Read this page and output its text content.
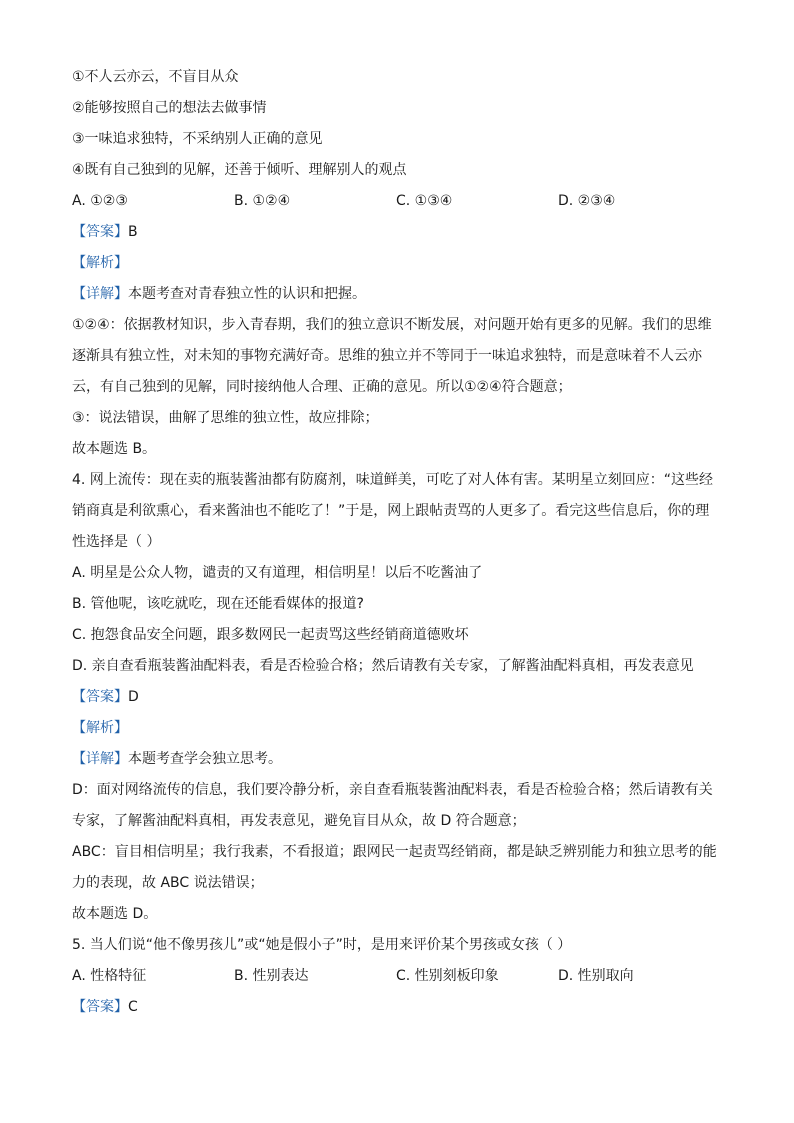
①不人云亦云，不盲目从众
②能够按照自己的想法去做事情
③一味追求独特，不采纳别人正确的意见
④既有自己独到的见解，还善于倾听、理解别人的观点
A. ①②③	B. ①②④	C. ①③④	D. ②③④
【答案】B
【解析】
【详解】本题考查对青春独立性的认识和把握。
①②④：依据教材知识，步入青春期，我们的独立意识不断发展，对问题开始有更多的见解。我们的思维
逐渐具有独立性，对未知的事物充满好奇。思维的独立并不等同于一味追求独特，而是意味着不人云亦
云，有自己独到的见解，同时接纳他人合理、正确的意见。所以①②④符合题意；
③：说法错误，曲解了思维的独立性，故应排除；
故本题选 B。
4. 网上流传：现在卖的瓶装酱油都有防腐剂，味道鲜美，可吃了对人体有害。某明星立刻回应：“这些经
销商真是利欲熏心，看来酱油也不能吃了！”于是，网上跟帖责骂的人更多了。看完这些信息后，你的理
性选择是（ ）
A. 明星是公众人物，谴责的又有道理，相信明星！以后不吃酱油了
B. 管他呢，该吃就吃，现在还能看媒体的报道?
C. 抱怨食品安全问题，跟多数网民一起责骂这些经销商道德败坏
D. 亲自查看瓶装酱油配料表，看是否检验合格；然后请教有关专家，了解酱油配料真相，再发表意见
【答案】D
【解析】
【详解】本题考查学会独立思考。
D：面对网络流传的信息，我们要冷静分析，亲自查看瓶装酱油配料表，看是否检验合格；然后请教有关
专家，了解酱油配料真相，再发表意见，避免盲目从众，故 D 符合题意；
ABC：盲目相信明星；我行我素，不看报道；跟网民一起责骂经销商，都是缺乏辨别能力和独立思考的能
力的表现，故 ABC 说法错误；
故本题选 D。
5. 当人们说“他不像男孩儿”或“她是假小子”时，是用来评价某个男孩或女孩（ ）
A. 性格特征	B. 性别表达	C. 性别刻板印象	D. 性别取向
【答案】C
